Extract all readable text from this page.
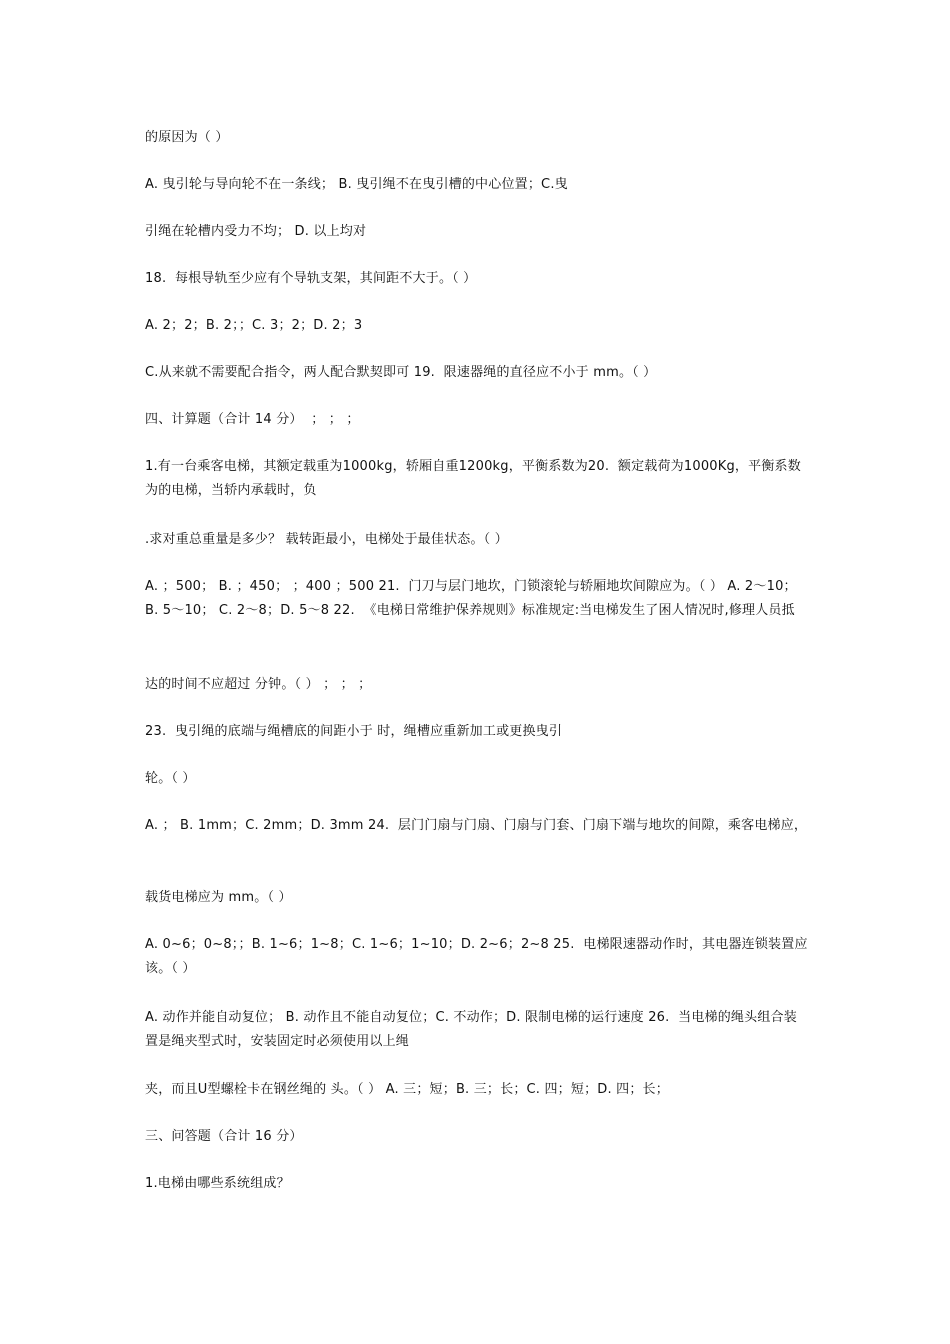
的原因为（ ）
A. 曳引轮与导向轮不在一条线； B. 曳引绳不在曳引槽的中心位置；C.曳
引绳在轮槽内受力不均； D. 以上均对
18.  每根导轨至少应有个导轨支架，其间距不大于。（ ）
A. 2；2；B. 2；；C. 3；2；D. 2；3
C.从来就不需要配合指令，两人配合默契即可 19.  限速器绳的直径应不小于 mm。（ ）
四、计算题（合计 14 分）  ； ； ；
1.有一台乘客电梯，其额定载重为1000kg，轿厢自重1200kg，平衡系数为20.  额定载荷为1000Kg，平衡系数为的电梯，当轿内承载时，负
.求对重总重量是多少？ 载转距最小，电梯处于最佳状态。（ ）
A. ；500； B. ；450； ；400 ；500 21.  门刀与层门地坎，门锁滚轮与轿厢地坎间隙应为。（ ） A. 2～10； B. 5～10； C. 2～8；D. 5～8 22.  《电梯日常维护保养规则》标准规定:当电梯发生了困人情况时,修理人员抵
达的时间不应超过 分钟。（ ） ； ； ；
23.  曳引绳的底端与绳槽底的间距小于 时，绳槽应重新加工或更换曳引
轮。（ ）
A. ； B. 1mm；C. 2mm；D. 3mm 24.  层门门扇与门扇、门扇与门套、门扇下端与地坎的间隙，乘客电梯应，
载货电梯应为 mm。（ ）
A. 0~6；0~8；；B. 1~6；1~8；C. 1~6；1~10；D. 2~6；2~8 25.  电梯限速器动作时，其电器连锁装置应该。（ ）
A. 动作并能自动复位； B. 动作且不能自动复位；C. 不动作；D. 限制电梯的运行速度 26.  当电梯的绳头组合装置是绳夹型式时，安装固定时必须使用以上绳
夹，而且U型螺栓卡在钢丝绳的 头。（ ） A. 三；短；B. 三；长；C. 四；短；D. 四；长；
三、问答题（合计 16 分）
1.电梯由哪些系统组成？
